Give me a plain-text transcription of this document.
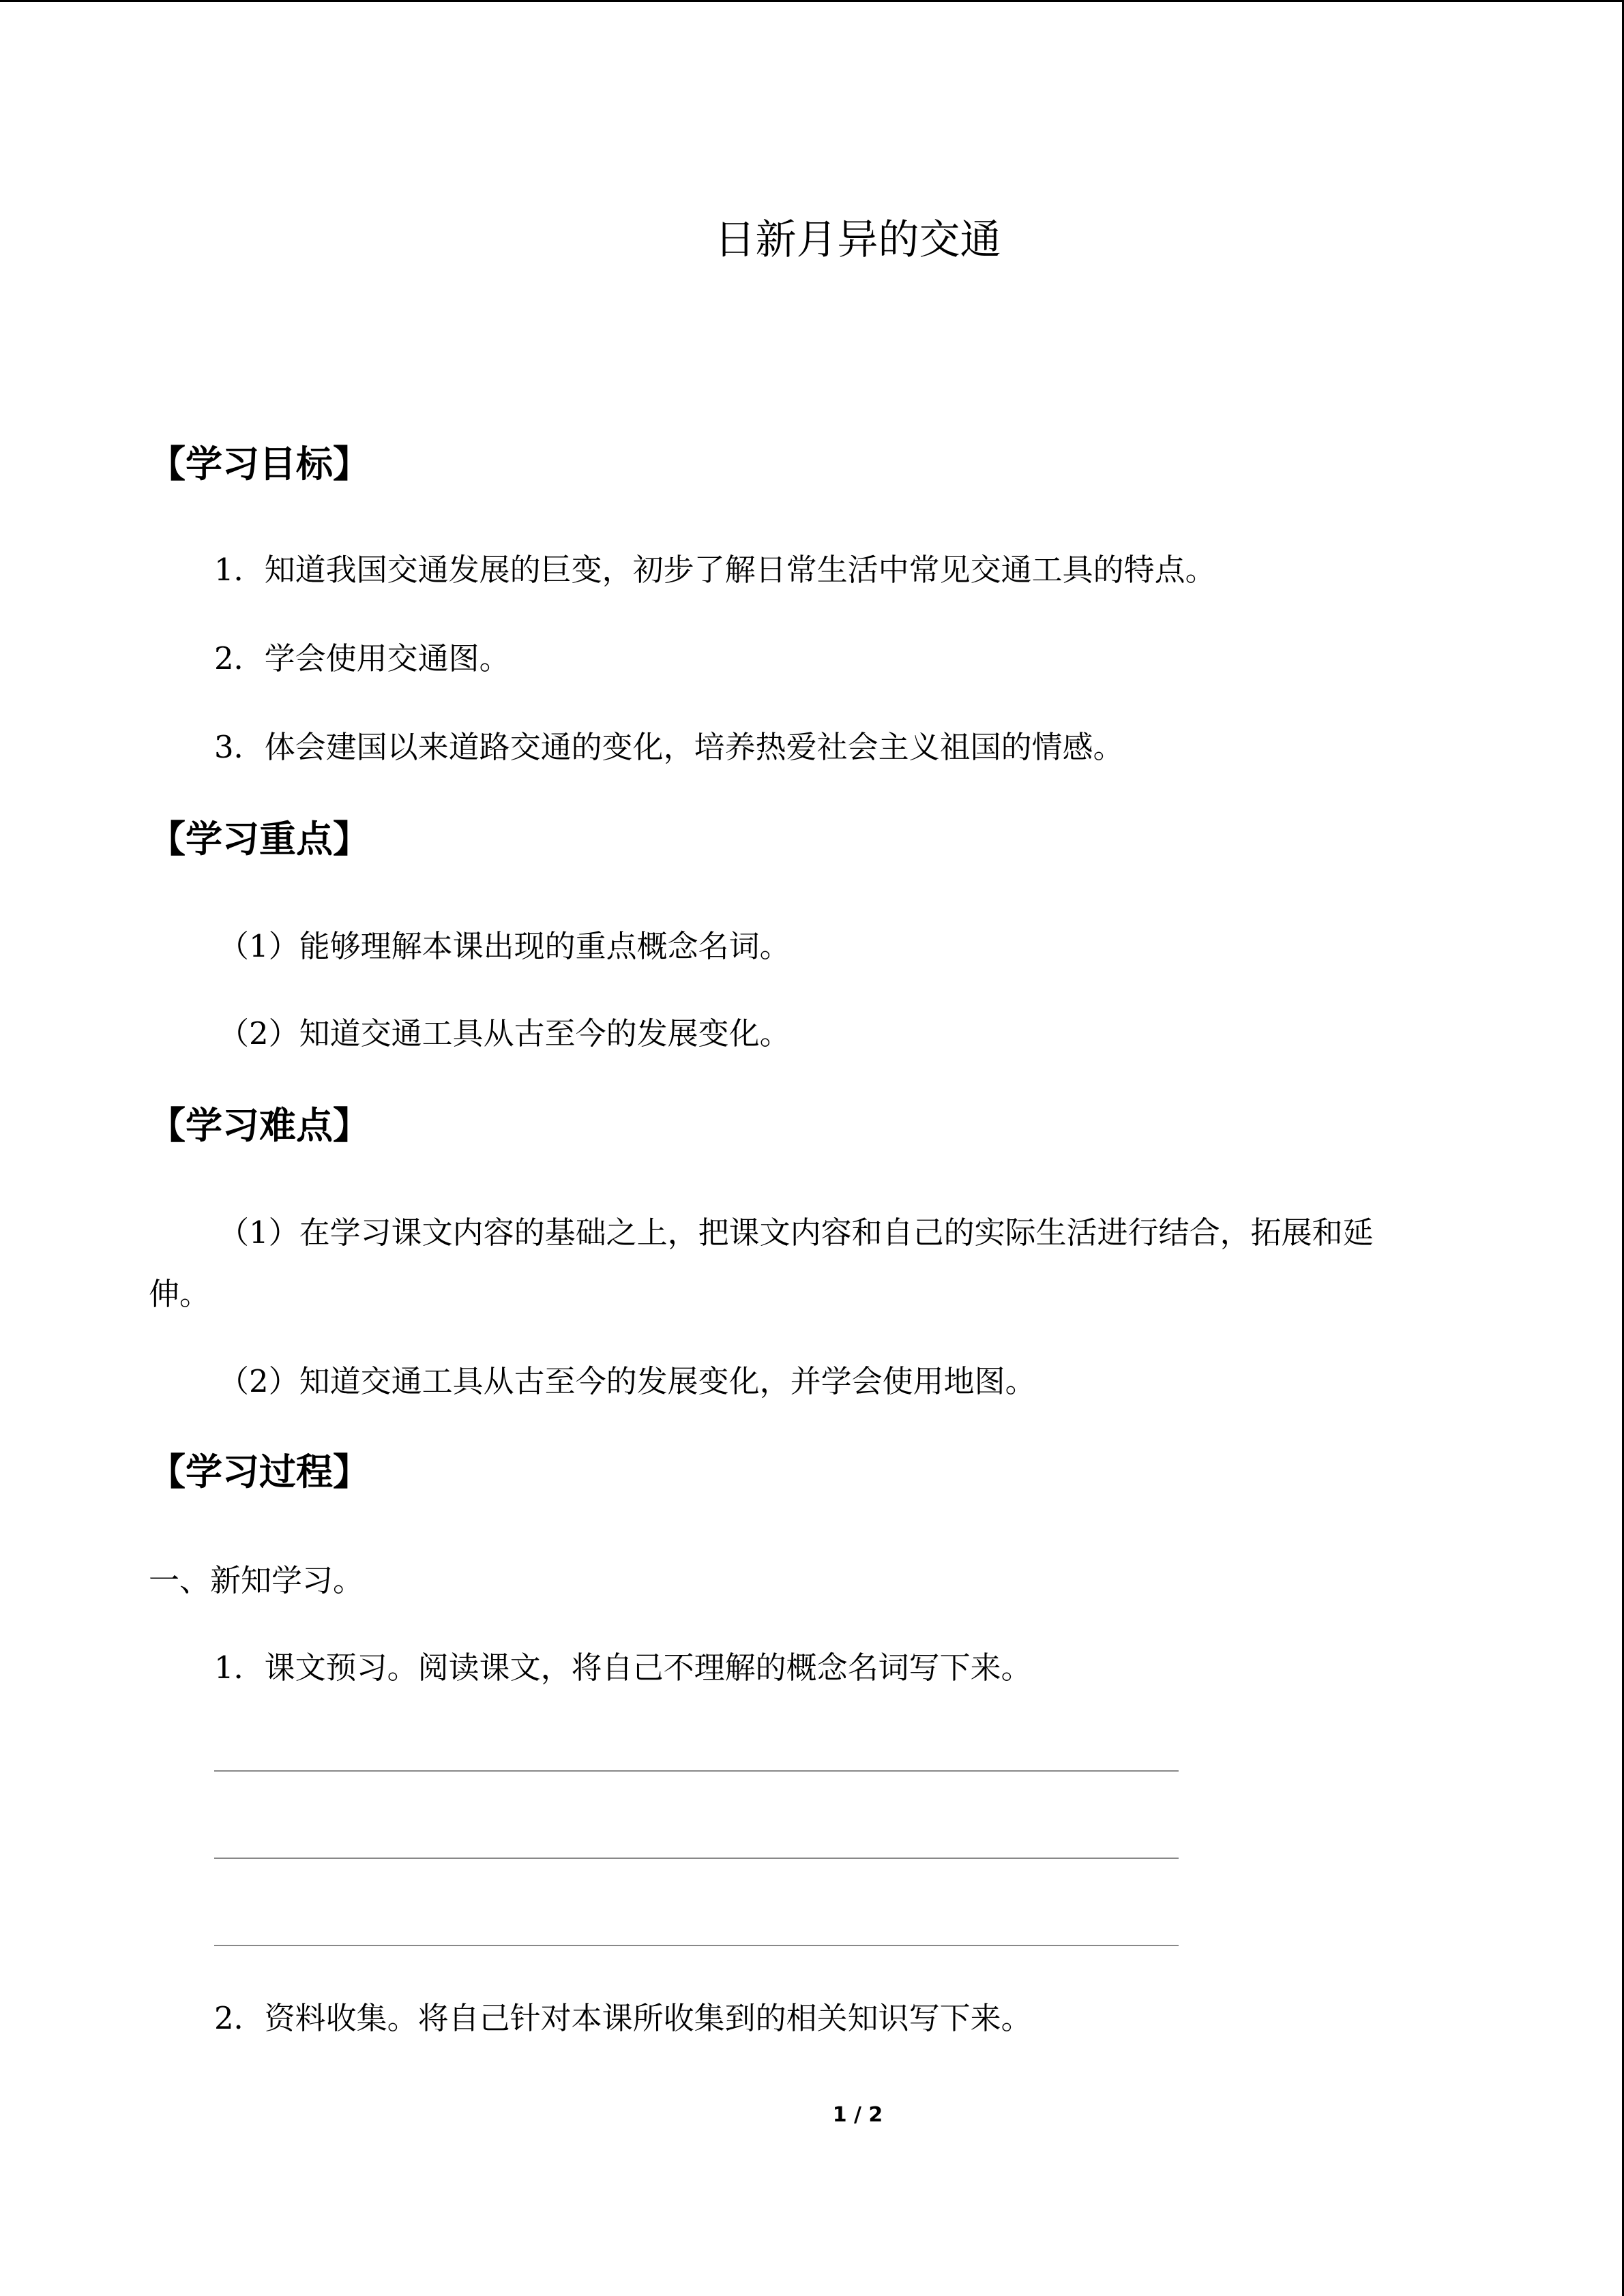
日新月异的交通
【学习目标】
1．知道我国交通发展的巨变，初步了解日常生活中常见交通工具的特点。
2．学会使用交通图。
3．体会建国以来道路交通的变化，培养热爱社会主义祖国的情感。
【学习重点】
（1）能够理解本课出现的重点概念名词。
（2）知道交通工具从古至今的发展变化。
【学习难点】
（1）在学习课文内容的基础之上，把课文内容和自己的实际生活进行结合，拓展和延
伸。
（2）知道交通工具从古至今的发展变化，并学会使用地图。
【学习过程】
一、新知学习。
1．课文预习。阅读课文，将自己不理解的概念名词写下来。
2．资料收集。将自己针对本课所收集到的相关知识写下来。
1 / 2
